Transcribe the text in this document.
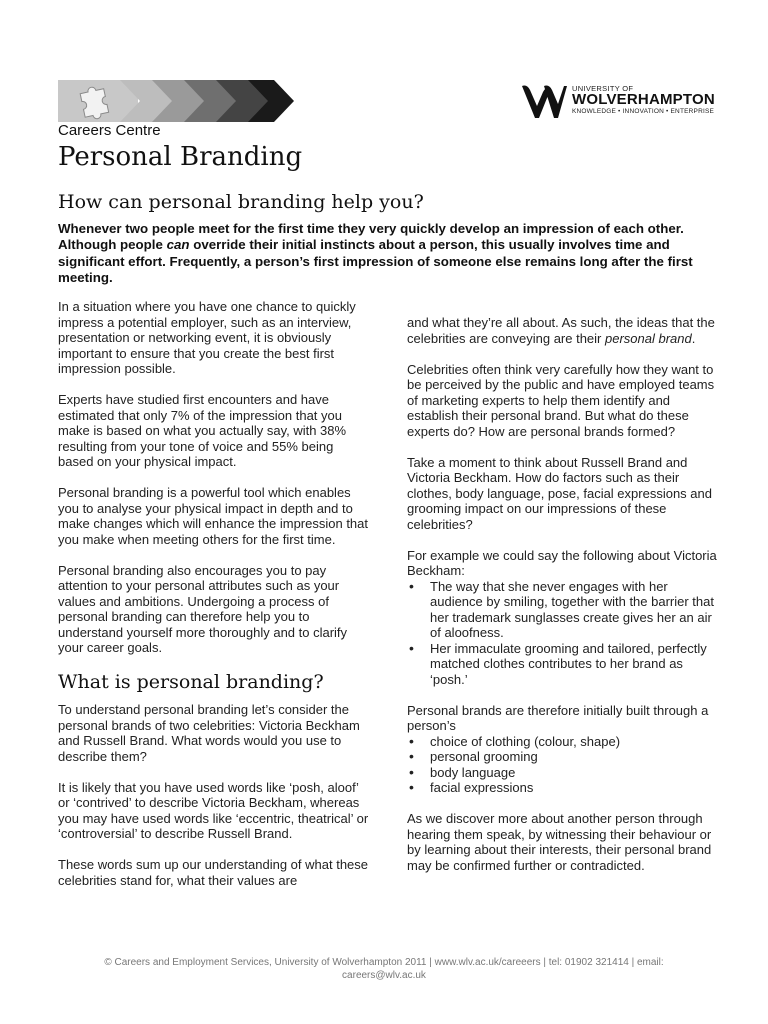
UNIVERSITY OF
WOLVERHAMPTON
KNOWLEDGE • INNOVATION • ENTERPRISE
Careers Centre
Personal Branding
How can personal branding help you?

Whenever two people meet for the first time they very quickly develop an impression of each other. Although people can override their initial instincts about a person, this usually involves time and significant effort. Frequently, a person’s first impression of someone else remains long after the first meeting.

In a situation where you have one chance to quickly impress a potential employer, such as an interview, presentation or networking event, it is obviously important to ensure that you create the best first impression possible.

Experts have studied first encounters and have estimated that only 7% of the impression that you make is based on what you actually say, with 38% resulting from your tone of voice and 55% being based on your physical impact.

Personal branding is a powerful tool which enables you to analyse your physical impact in depth and to make changes which will enhance the impression that you make when meeting others for the first time.

Personal branding also encourages you to pay attention to your personal attributes such as your values and ambitions. Undergoing a process of personal branding can therefore help you to understand yourself more thoroughly and to clarify your career goals.

What is personal branding?

To understand personal branding let’s consider the personal brands of two celebrities: Victoria Beckham and Russell Brand. What words would you use to describe them?

It is likely that you have used words like ‘posh, aloof’ or ‘contrived’ to describe Victoria Beckham, whereas you may have used words like ‘eccentric, theatrical’ or ‘controversial’ to describe Russell Brand.

These words sum up our understanding of what these celebrities stand for, what their values are

and what they’re all about. As such, the ideas that the celebrities are conveying are their personal brand.

Celebrities often think very carefully how they want to be perceived by the public and have employed teams of marketing experts to help them identify and establish their personal brand. But what do these experts do? How are personal brands formed?

Take a moment to think about Russell Brand and Victoria Beckham. How do factors such as their clothes, body language, pose, facial expressions and grooming impact on our impressions of these celebrities?

For example we could say the following about Victoria Beckham:

• The way that she never engages with her audience by smiling, together with the barrier that her trademark sunglasses create gives her an air of aloofness.
• Her immaculate grooming and tailored, perfectly matched clothes contributes to her brand as ‘posh.’

Personal brands are therefore initially built through a person’s

• choice of clothing (colour, shape)
• personal grooming
• body language
• facial expressions

As we discover more about another person through hearing them speak, by witnessing their behaviour or by learning about their interests, their personal brand may be confirmed further or contradicted.

© Careers and Employment Services, University of Wolverhampton 2011 | www.wlv.ac.uk/careeers | tel: 01902 321414 | email:
careers@wlv.ac.uk
